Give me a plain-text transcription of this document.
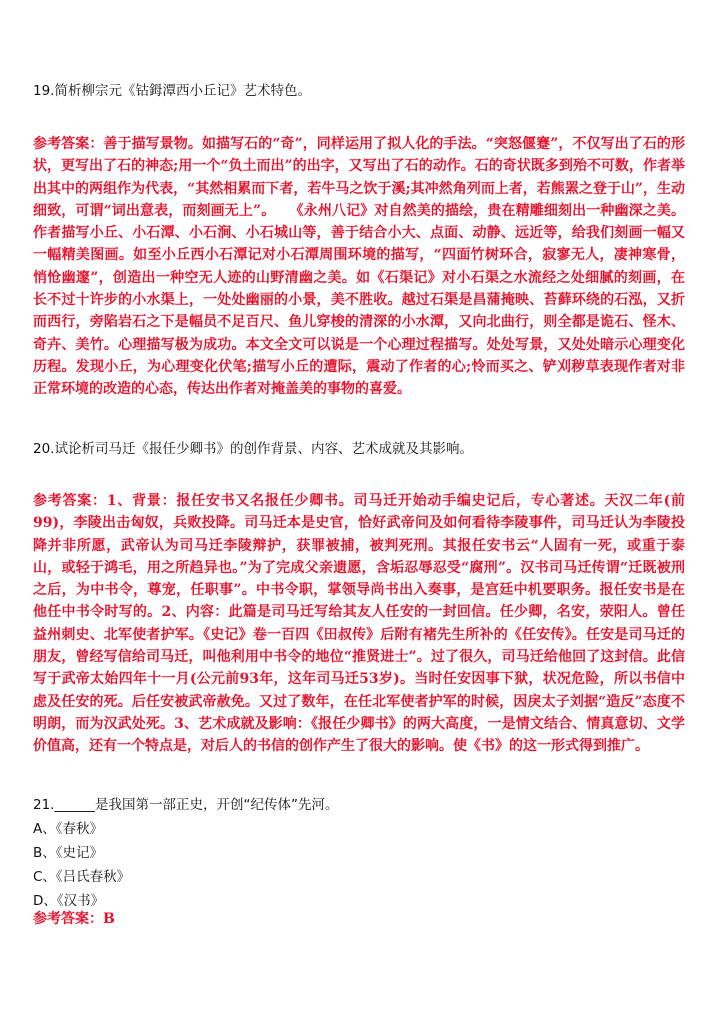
19.简析柳宗元《钴鉧潭西小丘记》艺术特色。
参考答案：善于描写景物。如描写石的“奇”，同样运用了拟人化的手法。“突怒偃蹇”，不仅写出了石的形状，更写出了石的神态;用一个“负土而出”的出字，又写出了石的动作。石的奇状既多到殆不可数，作者举出其中的两组作为代表，“其然相累而下者，若牛马之饮于溪;其冲然角列而上者，若熊罴之登于山”，生动细致，可谓“词出意表，而刻画无上”。　　《永州八记》对自然美的描绘，贵在精雕细刻出一种幽深之美。作者描写小丘、小石潭、小石涧、小石城山等，善于结合小大、点面、动静、远近等，给我们刻画一幅又一幅精美图画。如至小丘西小石潭记对小石潭周围环境的描写，“四面竹树环合，寂寥无人，凄神寒骨，悄怆幽邃”，创造出一种空无人迹的山野清幽之美。如《石渠记》对小石渠之水流经之处细腻的刻画，在长不过十许步的小水渠上，一处处幽丽的小景，美不胜收。越过石渠是昌蒲掩映、苔藓环绕的石泓，又折而西行，旁陷岩石之下是幅员不足百尺、鱼儿穿梭的清深的小水潭，又向北曲行，则全都是诡石、怪木、奇卉、美竹。心理描写极为成功。本文全文可以说是一个心理过程描写。处处写景，又处处暗示心理变化历程。发现小丘，为心理变化伏笔;描写小丘的遭际，震动了作者的心;怜而买之、铲刈秽草表现作者对非正常环境的改造的心态，传达出作者对掩盖美的事物的喜爱。
20.试论析司马迁《报任少卿书》的创作背景、内容、艺术成就及其影响。
参考答案：1、背景：报任安书又名报任少卿书。司马迁开始动手编史记后，专心著述。天汉二年(前99)，李陵出击匈奴，兵败投降。司马迁本是史官，恰好武帝问及如何看待李陵事件，司马迁认为李陵投降并非所愿，武帝认为司马迁李陵辩护，获罪被捕，被判死刑。其报任安书云“人固有一死，或重于泰山，或轻于鸿毛，用之所趋异也。”为了完成父亲遗愿，含垢忍辱忍受“腐刑”。汉书司马迁传谓“迁既被刑之后，为中书令，尊宠，任职事”。中书令职，掌领导尚书出入奏事，是宫廷中机要职务。报任安书是在他任中书令时写的。2、内容：此篇是司马迁写给其友人任安的一封回信。任少卿，名安，荥阳人。曾任益州刺史、北军使者护军。《史记》卷一百四《田叔传》后附有褚先生所补的《任安传》。任安是司马迁的朋友，曾经写信给司马迁，叫他利用中书令的地位“推贤进士”。过了很久，司马迁给他回了这封信。此信写于武帝太始四年十一月(公元前93年，这年司马迁53岁)。当时任安因事下狱，状况危险，所以书信中虑及任安的死。后任安被武帝赦免。又过了数年，在任北军使者护军的时候，因戾太子刘据“造反”态度不明朗，而为汉武处死。3、艺术成就及影响：《报任少卿书》的两大高度，一是情文结合、情真意切、文学价值高，还有一个特点是，对后人的书信的创作产生了很大的影响。使《书》的这一形式得到推广。
21.______是我国第一部正史，开创“纪传体”先河。
A、《春秋》
B、《史记》
C、《吕氏春秋》
D、《汉书》
参考答案：B
